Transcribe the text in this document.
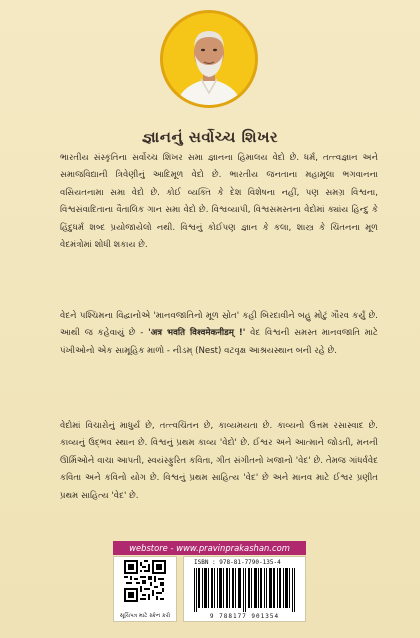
જ્ઞાનનું સર્વોચ્ચ શિખર
ભારતીય સંસ્કૃતિના સર્વોચ્ચ શિખર સમા જ્ઞાનના હિમાલય વેદો છે. ધર્મ, તત્ત્વજ્ઞાન અને સમાજવિદ્યાની ત્રિવેણીનું આદિમૂળ વેદો છે. ભારતીય જનતાના મહામૂલા ભગવાનના વસિયતનામા સમા વેદો છે. કોઈ વ્યક્તિ કે દેશ વિશેષના નહીં, પણ સમગ્ર વિશ્વના, વિશ્વસંવાદિતાના વૈતાલિક ગાન સમા વેદો છે. વિશ્વવ્યાપી, વિશ્વસમસ્તના વેદોમાં ક્યાંય હિન્દુ કે હિંદુધર્મ શબ્દ પ્રયોજાયેલો નથી. વિશ્વનું કોઈપણ જ્ઞાન કે કલા, શાસ્ત્ર કે ચિંતનના મૂળ વેદમંત્રોમાં શોધી શકાય છે.
વેદને પશ્ચિમના વિદ્વાનોએ 'માનવજાતિનો મૂળ સ્રોત' કહી બિરદાવીને બહુ મોટું ગૌરવ કર્યું છે. આથી જ કહેવાયું છે - 'अत्र भवति विश्वमेकनीडम् !' વેદ વિશ્વની સમસ્ત માનવજાતિ માટે પંખીઓનો એક સામૂહિક માળો - નીડમ્ (Nest) વટવૃક્ષ આશ્રયસ્થાન બની રહે છે.
વેદોમાં વિચારોનું માધુર્ય છે, તત્ત્વચિંતન છે, કાવ્યમયતા છે. કાવ્યનો ઉત્તમ રસાસ્વાદ છે. કાવ્યનું ઉદ્ભવ સ્થાન છે. વિશ્વનું પ્રથમ કાવ્ય 'વેદો' છે. ઈશ્વર અને આત્માને જોડતી, મનની ઊર્મિઓને વાચા આપતી, સ્વયંસ્ફુરિત કવિતા, ગીત સંગીતનો ખજાનો 'વેદ' છે. તેમજ ગાંધર્વવેદ કવિતા અને કવિનો યોગ છે. વિશ્વનું પ્રથમ સાહિત્ય 'વેદ' છે અને માનવ માટે ઈશ્વર પ્રણીત પ્રથમ સાહિત્ય 'વેદ' છે.
webstore - www.pravinprakashan.com
સૂચિપત્ર માટે સ્કેન કરો
ISBN : 978-81-7790-135-4
9 788177 901354
